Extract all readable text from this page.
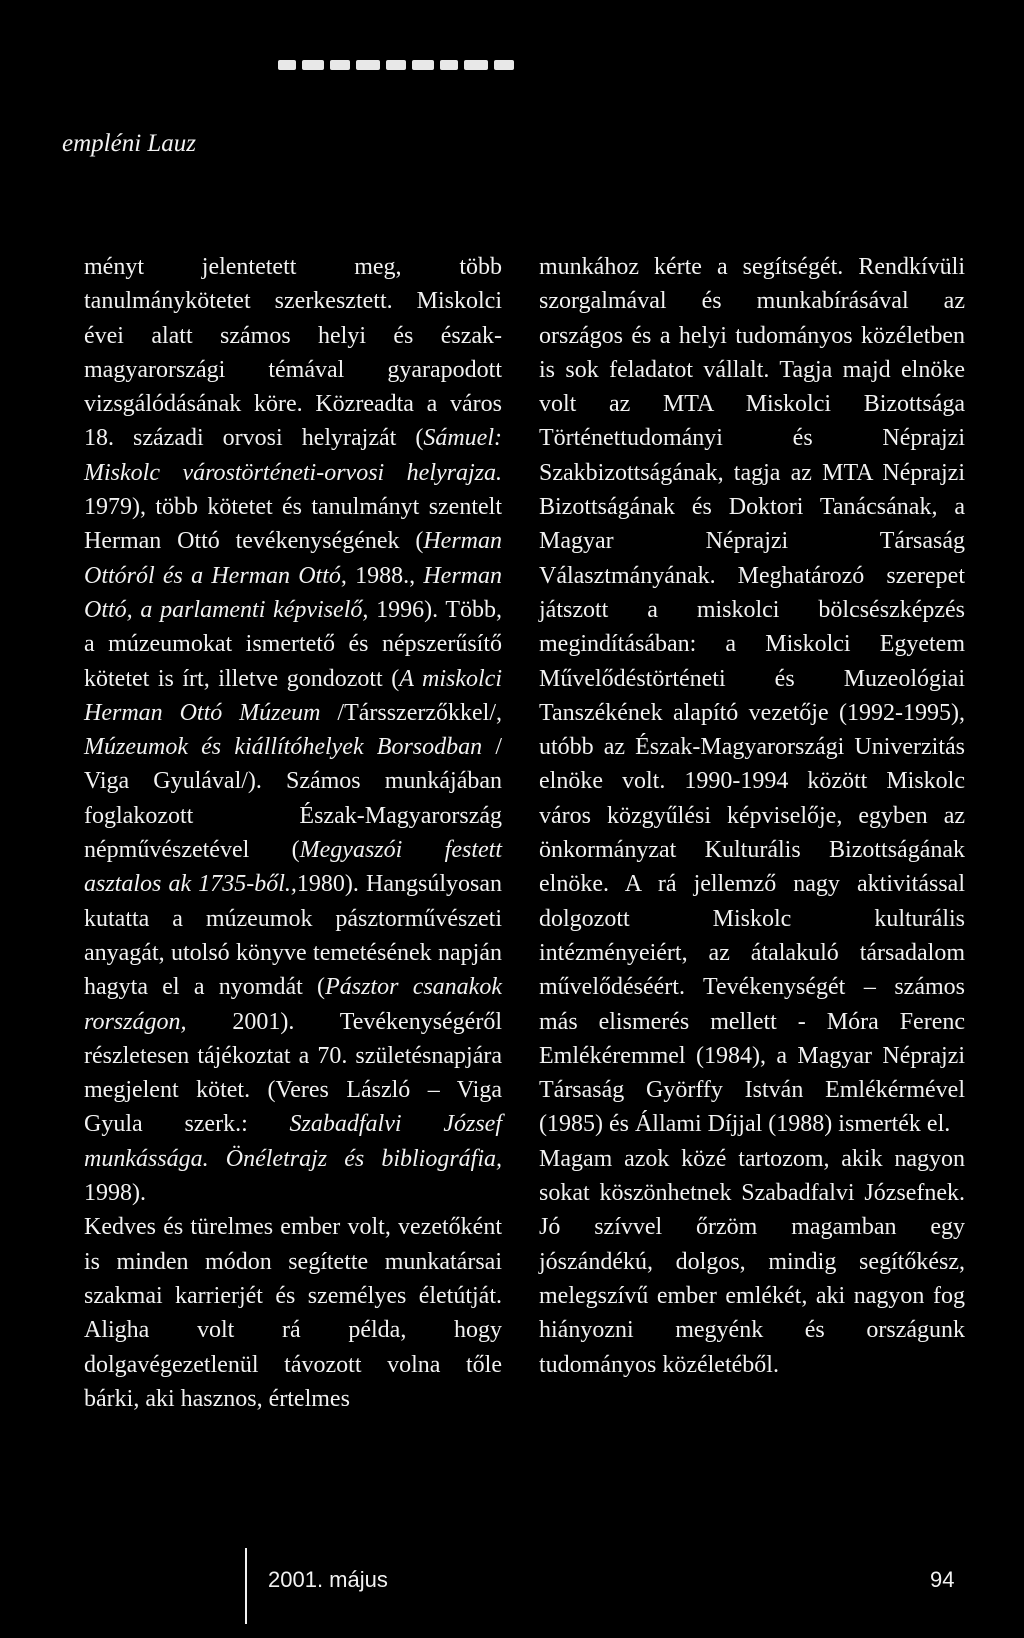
empléni Lauz

ményt jelentetett meg, több tanulmánykötetet szerkesztett. Miskolci évei alatt számos helyi és észak-magyarországi témával gyarapodott vizsgálódásának köre. Közreadta a város 18. századi orvosi helyrajzát (Sámuel: Miskolc várostörténeti-orvosi helyrajza. 1979), több kötetet és tanulmányt szentelt Herman Ottó tevékenységének (Herman Ottóról és a Herman Ottó, 1988., Herman Ottó, a parlamenti képviselő, 1996). Több, a múzeumokat ismertető és népszerűsítő kötetet is írt, illetve gondozott (A miskolci Herman Ottó Múzeum /Társszerzőkkel/, Múzeumok és kiállítóhelyek Borsodban / Viga Gyulával/). Számos munkájában foglakozott Észak-Magyarország népművészetével (Megyaszói festett asztalos ak 1735-ből.,1980). Hangsúlyosan kutatta a múzeumok pásztorművészeti anyagát, utolsó könyve temetésének napján hagyta el a nyomdát (Pásztor csanakok rországon, 2001). Tevékenységéről részletesen tájékoztat a 70. születésnapjára megjelent kötet. (Veres László – Viga Gyula szerk.: Szabadfalvi József munkássága. Önéletrajz és bibliográfia, 1998).

Kedves és türelmes ember volt, vezetőként is minden módon segítette munkatársai szakmai karrierjét és személyes életútját. Aligha volt rá példa, hogy dolgavégezetlenül távozott volna tőle bárki, aki hasznos, értelmes

munkához kérte a segítségét. Rendkívüli szorgalmával és munkabírásával az országos és a helyi tudományos közéletben is sok feladatot vállalt. Tagja majd elnöke volt az MTA Miskolci Bizottsága Történettudományi és Néprajzi Szakbizottságának, tagja az MTA Néprajzi Bizottságának és Doktori Tanácsának, a Magyar Néprajzi Társaság Választmányának. Meghatározó szerepet játszott a miskolci bölcsészképzés megindításában: a Miskolci Egyetem Művelődéstörténeti és Muzeológiai Tanszékének alapító vezetője (1992-1995), utóbb az Észak-Magyarországi Univerzitás elnöke volt. 1990-1994 között Miskolc város közgyűlési képviselője, egyben az önkormányzat Kulturális Bizottságának elnöke. A rá jellemző nagy aktivitással dolgozott Miskolc kulturális intézményeiért, az átalakuló társadalom művelődéséért. Tevékenységét – számos más elismerés mellett - Móra Ferenc Emlékéremmel (1984), a Magyar Néprajzi Társaság Györffy István Emlékérmével (1985) és Állami Díjjal (1988) ismerték el.

Magam azok közé tartozom, akik nagyon sokat köszönhetnek Szabadfalvi Józsefnek. Jó szívvel őrzöm magamban egy jószándékú, dolgos, mindig segítőkész, melegszívű ember emlékét, aki nagyon fog hiányozni megyénk és országunk tudományos közéletéből.

2001. május	94
